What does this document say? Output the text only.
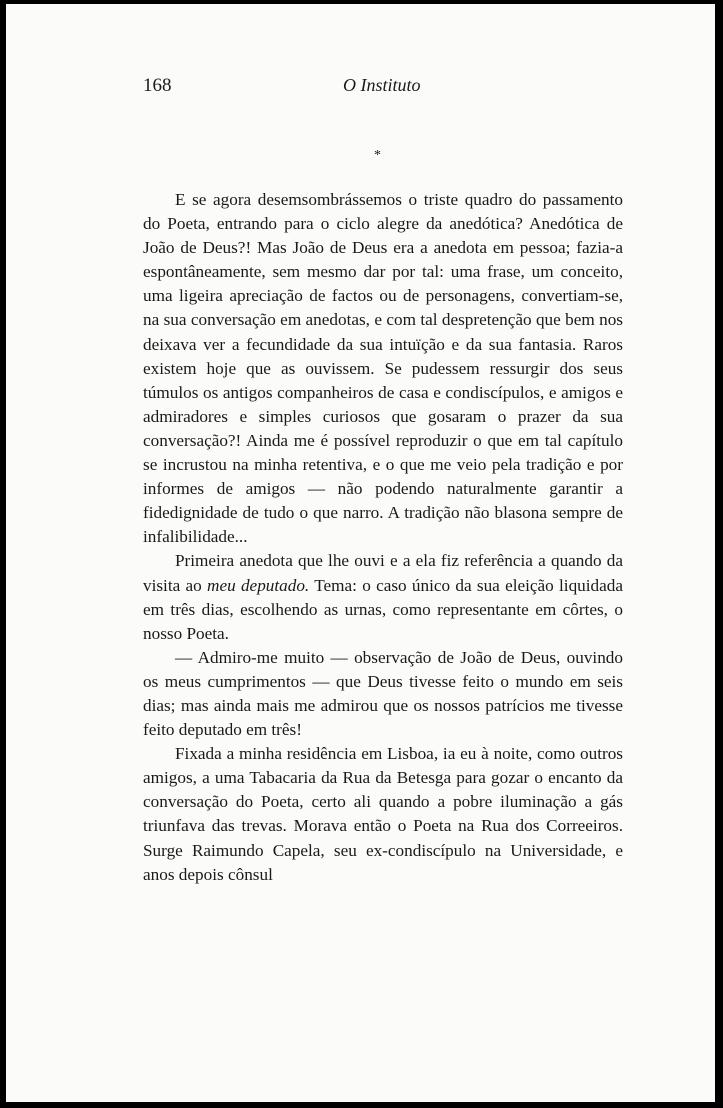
168	O Instituto
*

E se agora desemsombrássemos o triste quadro do passamento do Poeta, entrando para o ciclo alegre da anedótica? Anedótica de João de Deus?! Mas João de Deus era a anedota em pessoa; fazia-a espontâneamente, sem mesmo dar por tal: uma frase, um conceito, uma ligeira apreciação de factos ou de personagens, convertiam-se, na sua conversação em anedotas, e com tal despretenção que bem nos deixava ver a fecundidade da sua intuïção e da sua fantasia. Raros existem hoje que as ouvissem. Se pudessem ressurgir dos seus túmulos os antigos companheiros de casa e condiscípulos, e amigos e admiradores e simples curiosos que gosaram o prazer da sua conversação?! Ainda me é possível reproduzir o que em tal capítulo se incrustou na minha retentiva, e o que me veio pela tradição e por informes de amigos — não podendo naturalmente garantir a fidedignidade de tudo o que narro. A tradição não blasona sempre de infalibilidade...

Primeira anedota que lhe ouvi e a ela fiz referência a quando da visita ao meu deputado. Tema: o caso único da sua eleição liquidada em três dias, escolhendo as urnas, como representante em côrtes, o nosso Poeta.

— Admiro-me muito — observação de João de Deus, ouvindo os meus cumprimentos — que Deus tivesse feito o mundo em seis dias; mas ainda mais me admirou que os nossos patrícios me tivesse feito deputado em três!

Fixada a minha residência em Lisboa, ia eu à noite, como outros amigos, a uma Tabacaria da Rua da Betesga para gozar o encanto da conversação do Poeta, certo ali quando a pobre iluminação a gás triunfava das trevas. Morava então o Poeta na Rua dos Correeiros. Surge Raimundo Capela, seu ex-condiscípulo na Universidade, e anos depois cônsul
